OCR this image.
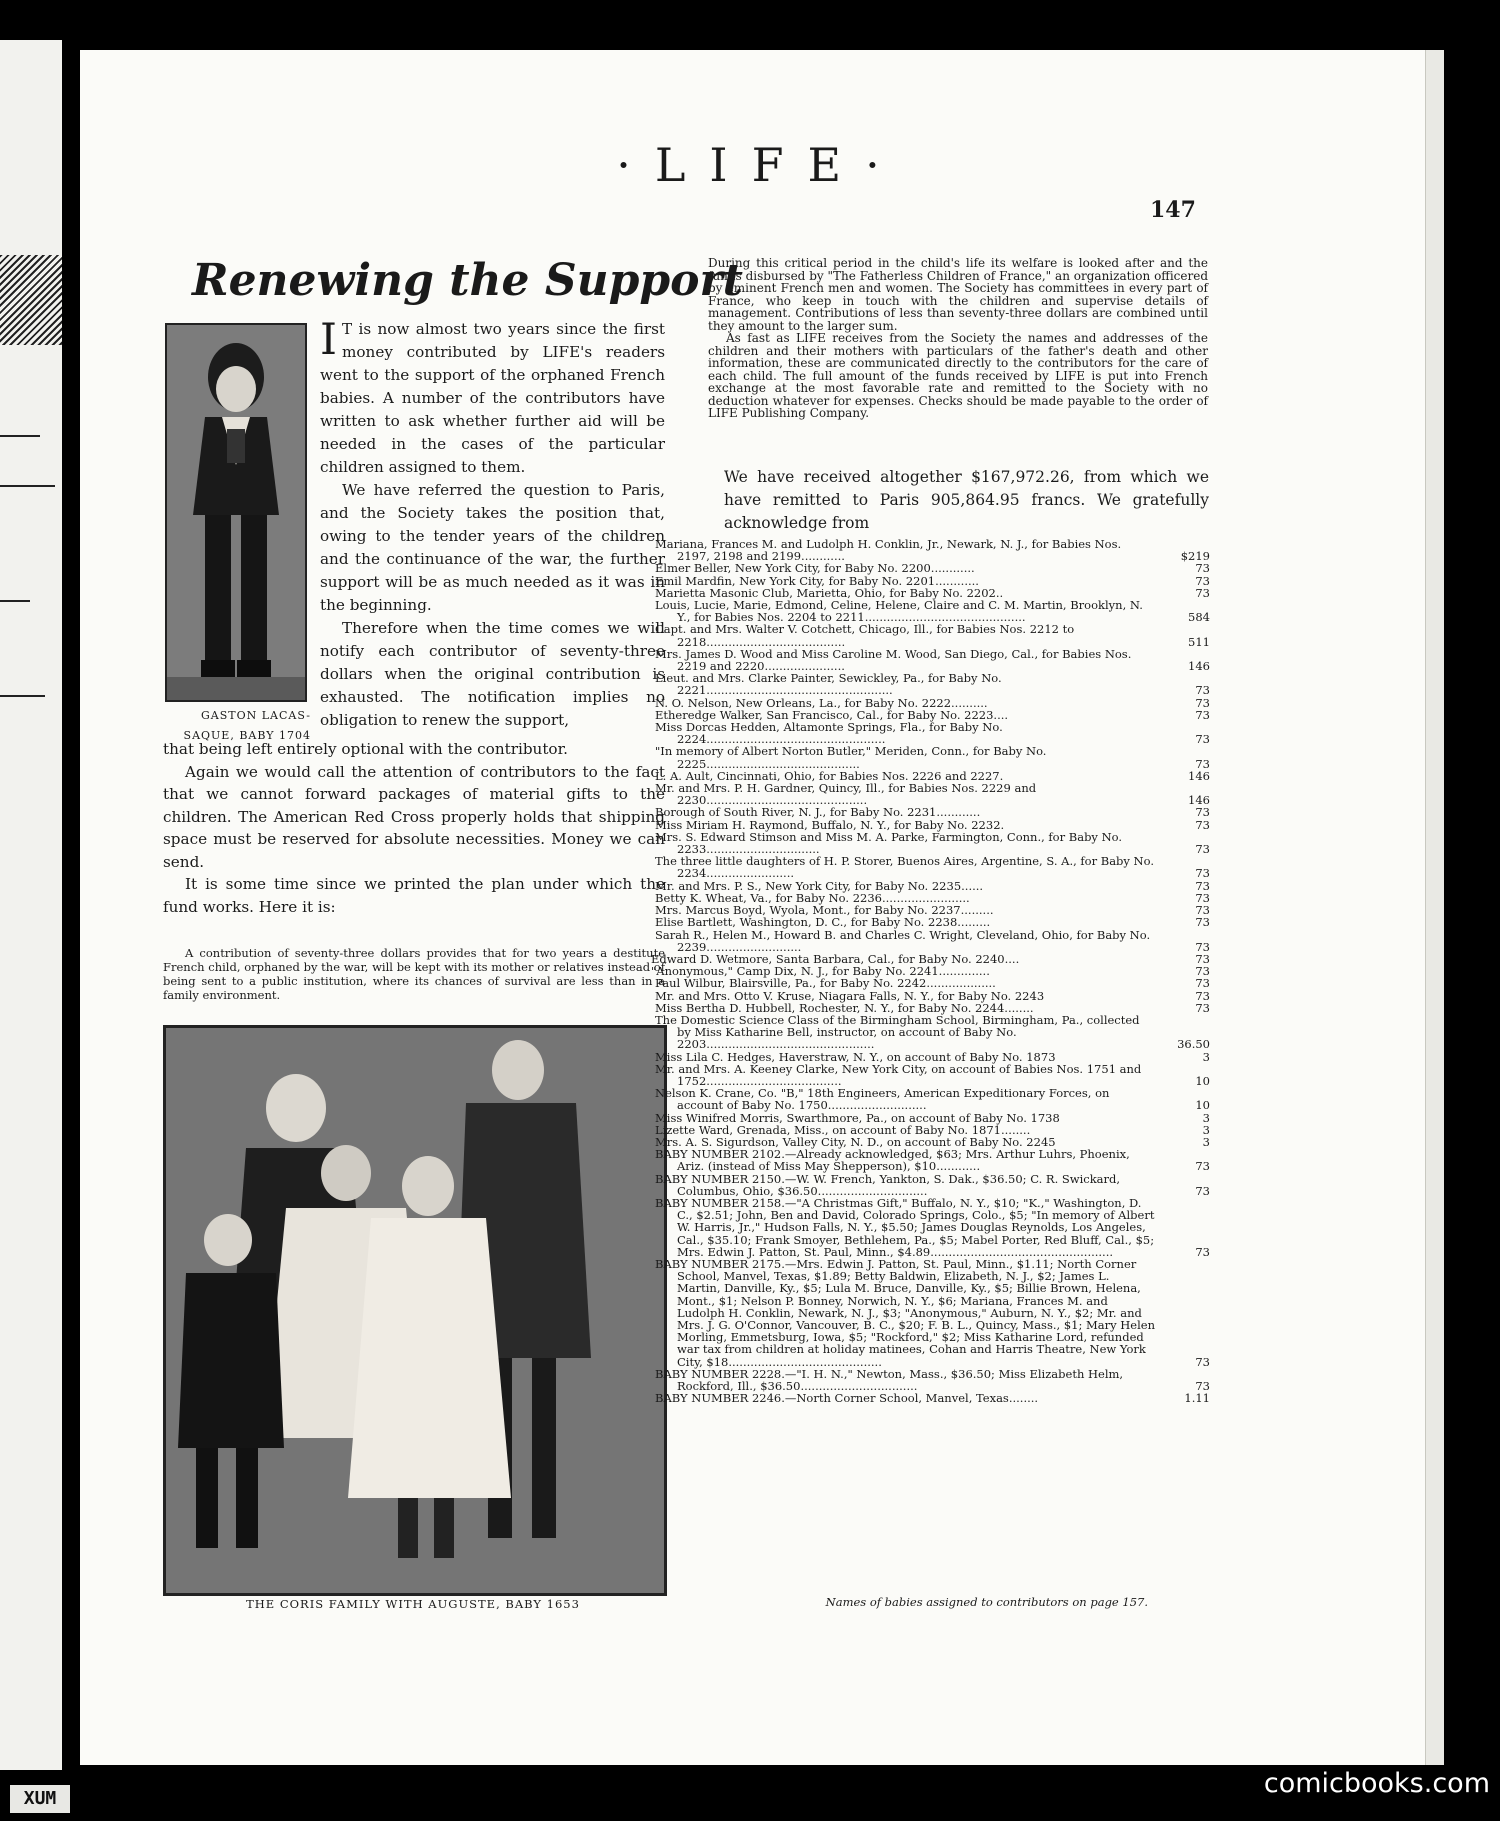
·LIFE·
147
Renewing the Support
GASTON LACAS-SAQUE, BABY 1704
I T is now almost two years since the first money contributed by LIFE's readers went to the support of the orphaned French babies. A number of the contributors have written to ask whether further aid will be needed in the cases of the particular children assigned to them.

We have referred the question to Paris, and the Society takes the position that, owing to the tender years of the children and the continuance of the war, the further support will be as much needed as it was in the beginning.

Therefore when the time comes we will notify each contributor of seventy-three dollars when the original contribution is exhausted. The notification implies no obligation to renew the support,

that being left entirely optional with the contributor.

Again we would call the attention of contributors to the fact that we cannot forward packages of material gifts to the children. The American Red Cross properly holds that shipping space must be reserved for absolute necessities. Money we can send.

It is some time since we printed the plan under which the fund works. Here it is:

A contribution of seventy-three dollars provides that for two years a destitute French child, orphaned by the war, will be kept with its mother or relatives instead of being sent to a public institution, where its chances of survival are less than in a family environment.

THE CORIS FAMILY WITH AUGUSTE, BABY 1653

During this critical period in the child's life its welfare is looked after and the funds disbursed by "The Fatherless Children of France," an organization officered by eminent French men and women. The Society has committees in every part of France, who keep in touch with the children and supervise details of management. Contributions of less than seventy-three dollars are combined until they amount to the larger sum.

As fast as LIFE receives from the Society the names and addresses of the children and their mothers with particulars of the father's death and other information, these are communicated directly to the contributors for the care of each child. The full amount of the funds received by LIFE is put into French exchange at the most favorable rate and remitted to the Society with no deduction whatever for expenses. Checks should be made payable to the order of LIFE Publishing Company.

We have received altogether $167,972.26, from which we have remitted to Paris 905,864.95 francs. We gratefully acknowledge from

Mariana, Frances M. and Ludolph H. Conklin, Jr., Newark, N. J., for Babies Nos. 2197, 2198 and 2199............	$219
Elmer Beller, New York City, for Baby No. 2200............	73
Emil Mardfin, New York City, for Baby No. 2201............	73
Marietta Masonic Club, Marietta, Ohio, for Baby No. 2202..	73
Louis, Lucie, Marie, Edmond, Celine, Helene, Claire and C. M. Martin, Brooklyn, N. Y., for Babies Nos. 2204 to 2211............................................	584
Capt. and Mrs. Walter V. Cotchett, Chicago, Ill., for Babies Nos. 2212 to 2218......................................	511
Mrs. James D. Wood and Miss Caroline M. Wood, San Diego, Cal., for Babies Nos. 2219 and 2220......................	146
Lieut. and Mrs. Clarke Painter, Sewickley, Pa., for Baby No. 2221...................................................	73
N. O. Nelson, New Orleans, La., for Baby No. 2222..........	73
Etheredge Walker, San Francisco, Cal., for Baby No. 2223....	73
Miss Dorcas Hedden, Altamonte Springs, Fla., for Baby No. 2224.................................................	73
"In memory of Albert Norton Butler," Meriden, Conn., for Baby No. 2225..........................................	73
L. A. Ault, Cincinnati, Ohio, for Babies Nos. 2226 and 2227.	146
Mr. and Mrs. P. H. Gardner, Quincy, Ill., for Babies Nos. 2229 and 2230............................................	146
Borough of South River, N. J., for Baby No. 2231............	73
Miss Miriam H. Raymond, Buffalo, N. Y., for Baby No. 2232.	73
Mrs. S. Edward Stimson and Miss M. A. Parke, Farmington, Conn., for Baby No. 2233...............................	73
The three little daughters of H. P. Storer, Buenos Aires, Argentine, S. A., for Baby No. 2234........................	73
Mr. and Mrs. P. S., New York City, for Baby No. 2235......	73
Betty K. Wheat, Va., for Baby No. 2236........................	73
Mrs. Marcus Boyd, Wyola, Mont., for Baby No. 2237.........	73
Elise Bartlett, Washington, D. C., for Baby No. 2238.........	73
Sarah R., Helen M., Howard B. and Charles C. Wright, Cleveland, Ohio, for Baby No. 2239..........................	73
Edward D. Wetmore, Santa Barbara, Cal., for Baby No. 2240....	73
"Anonymous," Camp Dix, N. J., for Baby No. 2241..............	73
Paul Wilbur, Blairsville, Pa., for Baby No. 2242...................	73
Mr. and Mrs. Otto V. Kruse, Niagara Falls, N. Y., for Baby No. 2243	73
Miss Bertha D. Hubbell, Rochester, N. Y., for Baby No. 2244........	73
The Domestic Science Class of the Birmingham School, Birmingham, Pa., collected by Miss Katharine Bell, instructor, on account of Baby No. 2203..............................................	36.50
Miss Lila C. Hedges, Haverstraw, N. Y., on account of Baby No. 1873	3
Mr. and Mrs. A. Keeney Clarke, New York City, on account of Babies Nos. 1751 and 1752.....................................	10
Nelson K. Crane, Co. "B," 18th Engineers, American Expeditionary Forces, on account of Baby No. 1750...........................	10
Miss Winifred Morris, Swarthmore, Pa., on account of Baby No. 1738	3
Lizette Ward, Grenada, Miss., on account of Baby No. 1871........	3
Mrs. A. S. Sigurdson, Valley City, N. D., on account of Baby No. 2245	3
BABY NUMBER 2102.—Already acknowledged, $63; Mrs. Arthur Luhrs, Phoenix, Ariz. (instead of Miss May Shepperson), $10............	73
BABY NUMBER 2150.—W. W. French, Yankton, S. Dak., $36.50; C. R. Swickard, Columbus, Ohio, $36.50..............................	73
BABY NUMBER 2158.—"A Christmas Gift," Buffalo, N. Y., $10; "K.," Washington, D. C., $2.51; John, Ben and David, Colorado Springs, Colo., $5; "In memory of Albert W. Harris, Jr.," Hudson Falls, N. Y., $5.50; James Douglas Reynolds, Los Angeles, Cal., $35.10; Frank Smoyer, Bethlehem, Pa., $5; Mabel Porter, Red Bluff, Cal., $5; Mrs. Edwin J. Patton, St. Paul, Minn., $4.89..................................................	73
BABY NUMBER 2175.—Mrs. Edwin J. Patton, St. Paul, Minn., $1.11; North Corner School, Manvel, Texas, $1.89; Betty Baldwin, Elizabeth, N. J., $2; James L. Martin, Danville, Ky., $5; Lula M. Bruce, Danville, Ky., $5; Billie Brown, Helena, Mont., $1; Nelson P. Bonney, Norwich, N. Y., $6; Mariana, Frances M. and Ludolph H. Conklin, Newark, N. J., $3; "Anonymous," Auburn, N. Y., $2; Mr. and Mrs. J. G. O'Connor, Vancouver, B. C., $20; F. B. L., Quincy, Mass., $1; Mary Helen Morling, Emmetsburg, Iowa, $5; "Rockford," $2; Miss Katharine Lord, refunded war tax from children at holiday matinees, Cohan and Harris Theatre, New York City, $18..........................................	73
BABY NUMBER 2228.—"I. H. N.," Newton, Mass., $36.50; Miss Elizabeth Helm, Rockford, Ill., $36.50................................	73
BABY NUMBER 2246.—North Corner School, Manvel, Texas........	1.11
Names of babies assigned to contributors on page 157.
XUM	comicbooks.com
